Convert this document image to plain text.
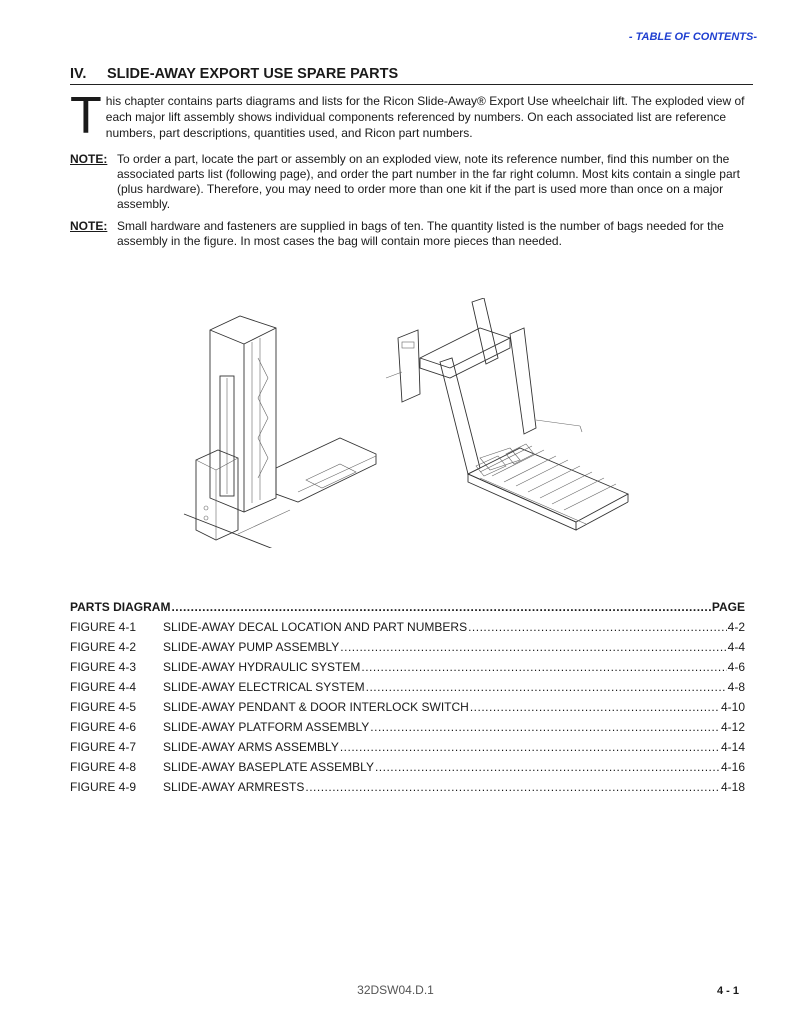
- TABLE OF CONTENTS-
IV. SLIDE-AWAY EXPORT USE SPARE PARTS
This chapter contains parts diagrams and lists for the Ricon Slide-Away® Export Use wheelchair lift. The exploded view of each major lift assembly shows individual components referenced by numbers. On each associated list are reference numbers, part descriptions, quantities used, and Ricon part numbers.
NOTE: To order a part, locate the part or assembly on an exploded view, note its reference number, find this number on the associated parts list (following page), and order the part number in the far right column. Most kits contain a single part (plus hardware). Therefore, you may need to order more than one kit if the part is used more than once on a major assembly.
NOTE: Small hardware and fasteners are supplied in bags of ten. The quantity listed is the number of bags needed for the assembly in the figure. In most cases the bag will contain more pieces than needed.
PARTS DIAGRAM .....	PAGE
FIGURE 4-1	SLIDE-AWAY DECAL LOCATION AND PART NUMBERS .....	4-2
FIGURE 4-2	SLIDE-AWAY PUMP ASSEMBLY .....	4-4
FIGURE 4-3	SLIDE-AWAY HYDRAULIC SYSTEM .....	4-6
FIGURE 4-4	SLIDE-AWAY ELECTRICAL SYSTEM .....	4-8
FIGURE 4-5	SLIDE-AWAY PENDANT & DOOR INTERLOCK SWITCH .....	4-10
FIGURE 4-6	SLIDE-AWAY PLATFORM ASSEMBLY .....	4-12
FIGURE 4-7	SLIDE-AWAY ARMS ASSEMBLY .....	4-14
FIGURE 4-8	SLIDE-AWAY BASEPLATE ASSEMBLY .....	4-16
FIGURE 4-9	SLIDE-AWAY ARMRESTS .....	4-18
32DSW04.D.1	4 - 1
